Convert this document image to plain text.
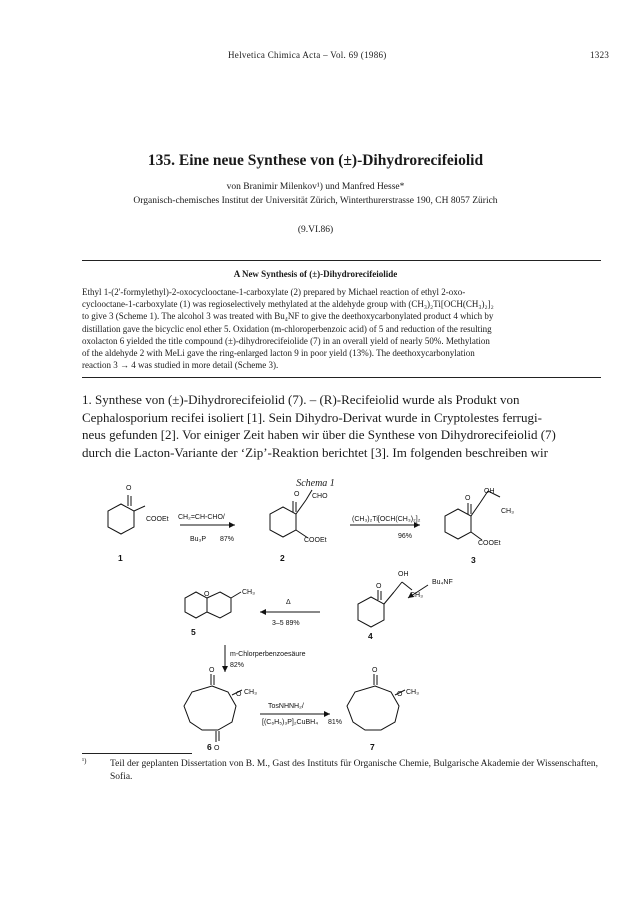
Helvetica Chimica Acta – Vol. 69 (1986)	1323
135. Eine neue Synthese von (±)-Dihydrorecifeiolid
von Branimir Milenkov¹) und Manfred Hesse*
Organisch-chemisches Institut der Universität Zürich, Winterthurerstrasse 190, CH 8057 Zürich
(9.VI.86)
A New Synthesis of (±)-Dihydrorecifeiolide
Ethyl 1-(2'-formylethyl)-2-oxocyclooctane-1-carboxylate (2) prepared by Michael reaction of ethyl 2-oxo-
cyclooctane-1-carboxylate (1) was regioselectively methylated at the aldehyde group with (CH₃)₂Ti[OCH(CH₃)₂]₂
to give 3 (Scheme 1). The alcohol 3 was treated with Bu₄NF to give the deethoxycarbonylated product 4 which by
distillation gave the bicyclic enol ether 5. Oxidation (m-chloroperbenzoic acid) of 5 and reduction of the resulting
oxolacton 6 yielded the title compound (±)-dihydrorecifeiolide (7) in an overall yield of nearly 50%. Methylation
of the aldehyde 2 with MeLi gave the ring-enlarged lacton 9 in poor yield (13%). The deethoxycarbonylation
reaction 3 → 4 was studied in more detail (Scheme 3).
1. Synthese von (±)-Dihydrorecifeiolid (7). – (R)-Recifeiolid wurde als Produkt von
Cephalosporium recifei isoliert [1]. Sein Dihydro-Derivat wurde in Cryptolestes ferrugi-
neus gefunden [2]. Vor einiger Zeit haben wir über die Synthese von Dihydrorecifeiolid (7)
durch die Lacton-Variante der ‘Zip’-Reaktion berichtet [3]. Im folgenden beschreiben wir
Schema 1
COOEt
O
CH₂=CH-CHO/
Bu₃P 87%
CHO
O
COOEt
(CH₃)₂Ti[OCH(CH₃)₂]₂
96%
OH
CH₃
O
COOEt
Bu₄NF
OH
CH₃
O
Δ
3–5 89%
O	CH₃
m-Chlorperbenzoesäure
82%
O
O
O CH₃
TosNHNH₂/
[(C₆H₅)₃P]₂CuBH₄ 81%
O
O CH₃
1	2	3
4
5
6	7
¹)	Teil der geplanten Dissertation von B. M., Gast des Instituts für Organische Chemie, Bulgarische Akademie der Wissenschaften, Sofia.
